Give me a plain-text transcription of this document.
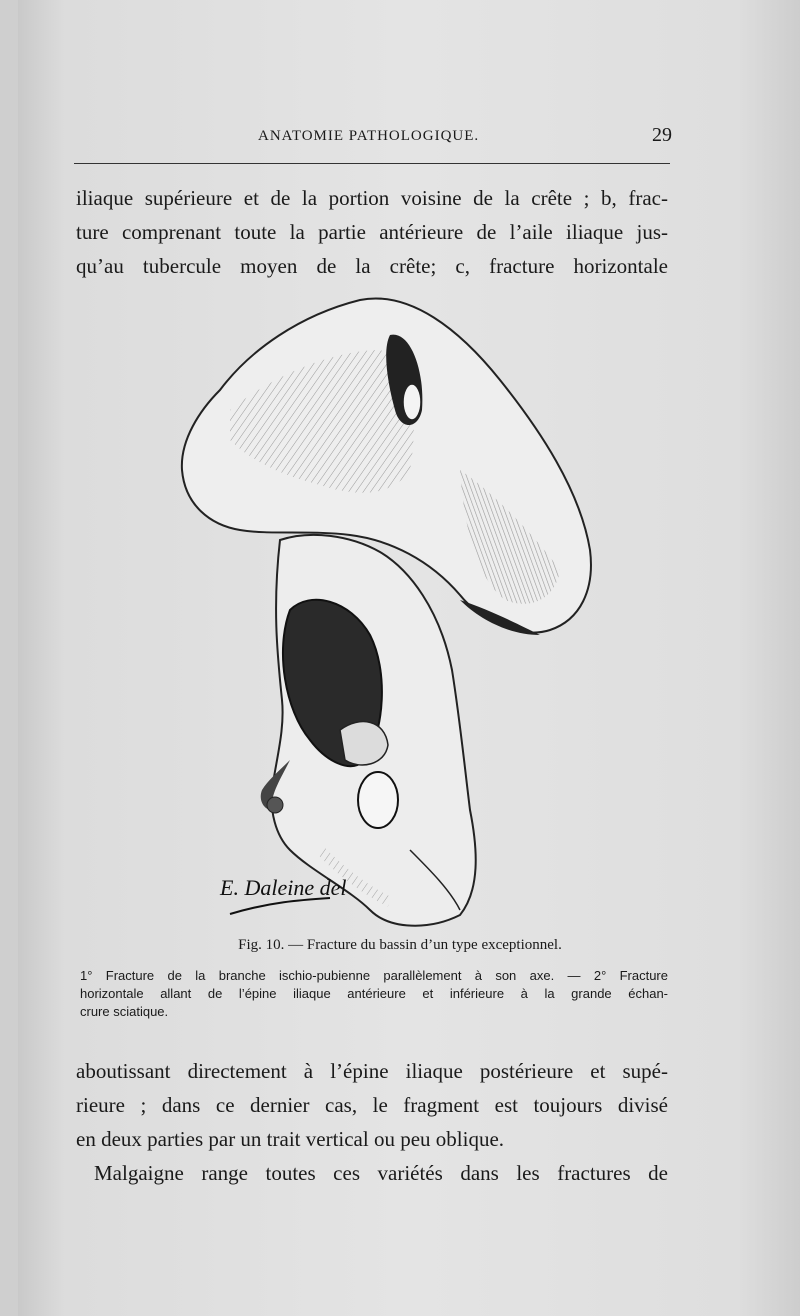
ANATOMIE PATHOLOGIQUE.	29
iliaque supérieure et de la portion voisine de la crête ; b, frac-
ture comprenant toute la partie antérieure de l’aile iliaque jus-
qu’au tubercule moyen de la crête; c, fracture horizontale
E. Daleine del
Fig. 10. — Fracture du bassin d’un type exceptionnel.
1° Fracture de la branche ischio-pubienne parallèlement à son axe. — 2° Fracture
horizontale allant de l’épine iliaque antérieure et inférieure à la grande échan-
crure sciatique.
aboutissant directement à l’épine iliaque postérieure et supé-
rieure ; dans ce dernier cas, le fragment est toujours divisé
en deux parties par un trait vertical ou peu oblique.
Malgaigne range toutes ces variétés dans les fractures de
